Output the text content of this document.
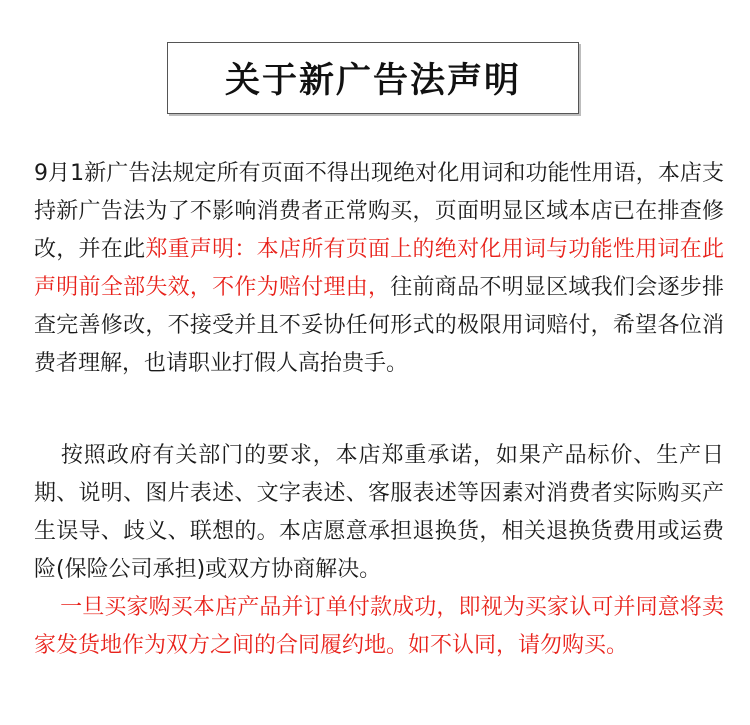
关于新广告法声明

9月1新广告法规定所有页面不得出现绝对化用词和功能性用语，本店支持新广告法为了不影响消费者正常购买，页面明显区域本店已在排查修改，并在此郑重声明：本店所有页面上的绝对化用词与功能性用词在此声明前全部失效，不作为赔付理由，往前商品不明显区域我们会逐步排查完善修改，不接受并且不妥协任何形式的极限用词赔付，希望各位消费者理解，也请职业打假人高抬贵手。

按照政府有关部门的要求，本店郑重承诺，如果产品标价、生产日期、说明、图片表述、文字表述、客服表述等因素对消费者实际购买产生误导、歧义、联想的。本店愿意承担退换货，相关退换货费用或运费险(保险公司承担)或双方协商解决。
一旦买家购买本店产品并订单付款成功，即视为买家认可并同意将卖家发货地作为双方之间的合同履约地。如不认同，请勿购买。
